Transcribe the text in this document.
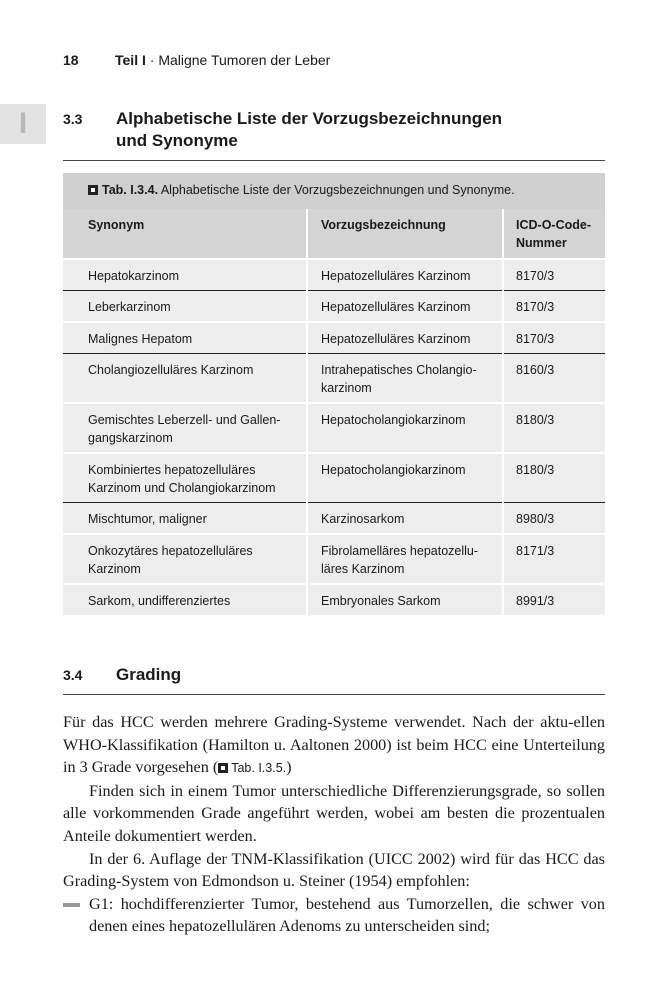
18	Teil I · Maligne Tumoren der Leber
I	3.3 Alphabetische Liste der Vorzugsbezeichnungen
und Synonyme
Tab. I.3.4. Alphabetische Liste der Vorzugsbezeichnungen und Synonyme.
Synonym	Vorzugsbezeichnung	ICD-O-Code-Nummer
Hepatokarzinom	Hepatozelluläres Karzinom	8170/3
Leberkarzinom	Hepatozelluläres Karzinom	8170/3
Malignes Hepatom	Hepatozelluläres Karzinom	8170/3
Cholangiozelluläres Karzinom	Intrahepatisches Cholangio-karzinom	8160/3
Gemischtes Leberzell- und Gallen-gangskarzinom	Hepatocholangiokarzinom	8180/3
Kombiniertes hepatozelluläres Karzinom und Cholangiokarzinom	Hepatocholangiokarzinom	8180/3
Mischtumor, maligner	Karzinosarkom	8980/3
Onkozytäres hepatozelluläres Karzinom	Fibrolamelläres hepatozellu-läres Karzinom	8171/3
Sarkom, undifferenziertes	Embryonales Sarkom	8991/3
3.4 Grading

Für das HCC werden mehrere Grading-Systeme verwendet. Nach der aktu-ellen WHO-Klassifikation (Hamilton u. Aaltonen 2000) ist beim HCC eine Unterteilung in 3 Grade vorgesehen ( Tab. I.3.5.)

Finden sich in einem Tumor unterschiedliche Differenzierungsgrade, so sollen alle vorkommenden Grade angeführt werden, wobei am besten die prozentualen Anteile dokumentiert werden.

In der 6. Auflage der TNM-Klassifikation (UICC 2002) wird für das HCC das Grading-System von Edmondson u. Steiner (1954) empfohlen:

G1: hochdifferenzierter Tumor, bestehend aus Tumorzellen, die schwer von denen eines hepatozellulären Adenoms zu unterscheiden sind;
